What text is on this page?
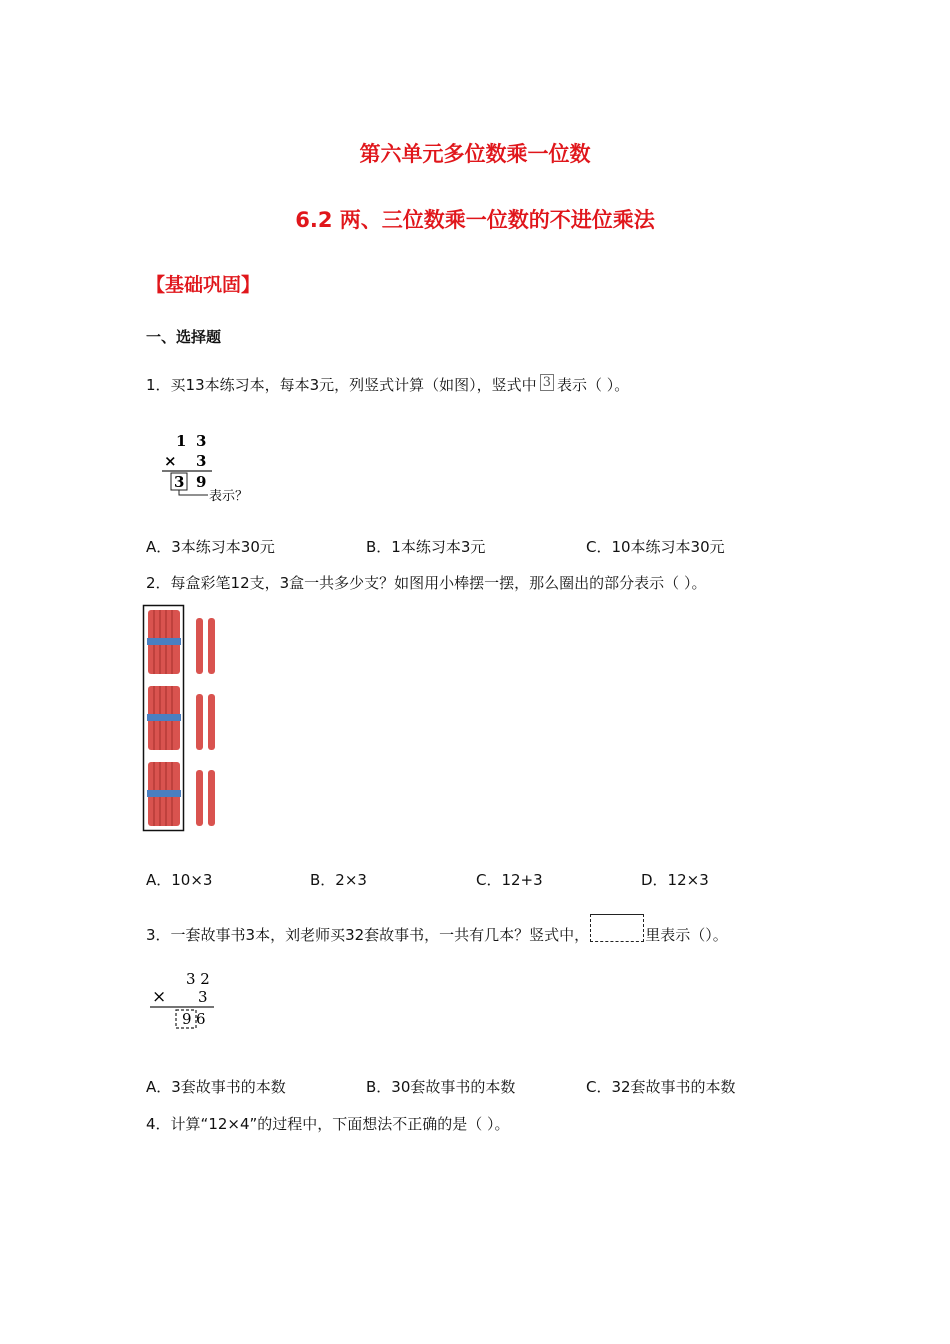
第六单元多位数乘一位数
6.2 两、三位数乘一位数的不进位乘法
【基础巩固】
一、选择题
1．买13本练习本，每本3元，列竖式计算（如图），竖式中 3 表示（ ）。
1 3
× 3
3 9
表示？
A．3本练习本30元	B．1本练习本3元	C．10本练习本30元
2．每盒彩笔12支，3盒一共多少支？如图用小棒摆一摆，那么圈出的部分表示（ ）。
A．10×3	B．2×3	C．12+3	D．12×3
3．一套故事书3本，刘老师买32套故事书，一共有几本？竖式中，	里表示（）。
3 2
× 3
9 6
A．3套故事书的本数	B．30套故事书的本数	C．32套故事书的本数
4．计算“12×4”的过程中，下面想法不正确的是（ ）。
